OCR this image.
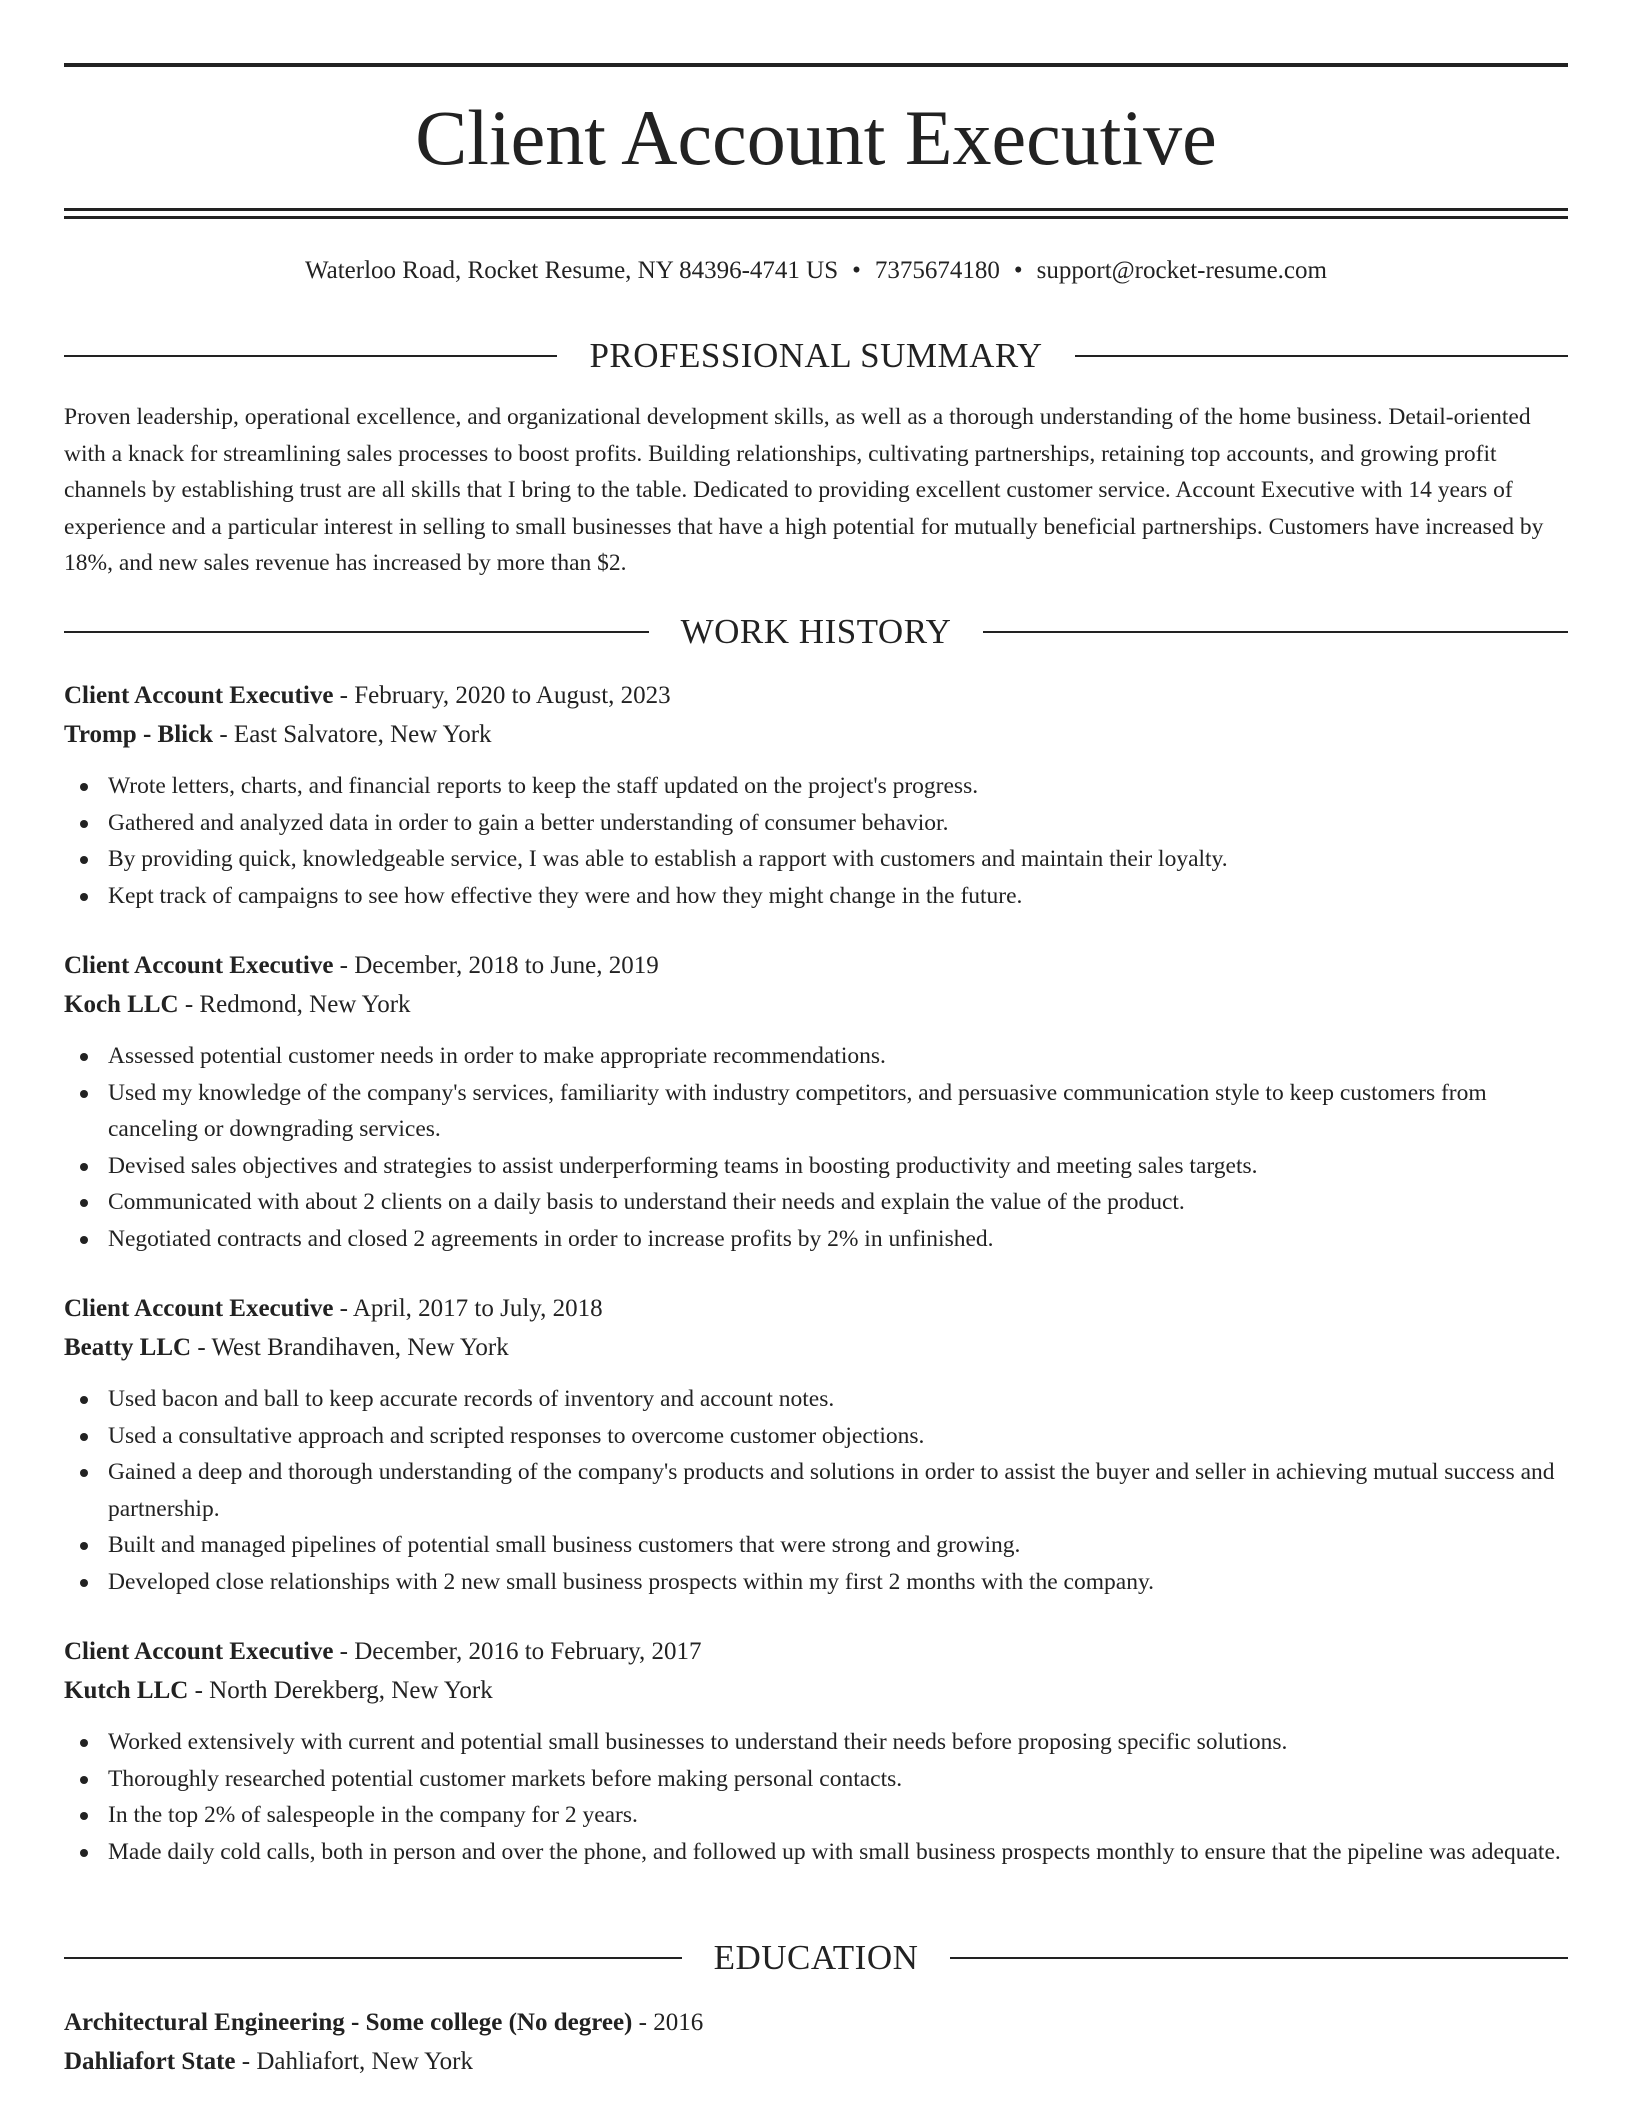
Client Account Executive
Waterloo Road, Rocket Resume, NY 84396-4741 US • 7375674180 • support@rocket-resume.com
PROFESSIONAL SUMMARY

Proven leadership, operational excellence, and organizational development skills, as well as a thorough understanding of the home business. Detail-oriented with a knack for streamlining sales processes to boost profits. Building relationships, cultivating partnerships, retaining top accounts, and growing profit channels by establishing trust are all skills that I bring to the table. Dedicated to providing excellent customer service. Account Executive with 14 years of experience and a particular interest in selling to small businesses that have a high potential for mutually beneficial partnerships. Customers have increased by 18%, and new sales revenue has increased by more than $2.

WORK HISTORY
Client Account Executive - February, 2020 to August, 2023
Tromp - Blick - East Salvatore, New York
Wrote letters, charts, and financial reports to keep the staff updated on the project's progress.
Gathered and analyzed data in order to gain a better understanding of consumer behavior.
By providing quick, knowledgeable service, I was able to establish a rapport with customers and maintain their loyalty.
Kept track of campaigns to see how effective they were and how they might change in the future.
Client Account Executive - December, 2018 to June, 2019
Koch LLC - Redmond, New York
Assessed potential customer needs in order to make appropriate recommendations.
Used my knowledge of the company's services, familiarity with industry competitors, and persuasive communication style to keep customers from canceling or downgrading services.
Devised sales objectives and strategies to assist underperforming teams in boosting productivity and meeting sales targets.
Communicated with about 2 clients on a daily basis to understand their needs and explain the value of the product.
Negotiated contracts and closed 2 agreements in order to increase profits by 2% in unfinished.
Client Account Executive - April, 2017 to July, 2018
Beatty LLC - West Brandihaven, New York
Used bacon and ball to keep accurate records of inventory and account notes.
Used a consultative approach and scripted responses to overcome customer objections.
Gained a deep and thorough understanding of the company's products and solutions in order to assist the buyer and seller in achieving mutual success and partnership.
Built and managed pipelines of potential small business customers that were strong and growing.
Developed close relationships with 2 new small business prospects within my first 2 months with the company.
Client Account Executive - December, 2016 to February, 2017
Kutch LLC - North Derekberg, New York
Worked extensively with current and potential small businesses to understand their needs before proposing specific solutions.
Thoroughly researched potential customer markets before making personal contacts.
In the top 2% of salespeople in the company for 2 years.
Made daily cold calls, both in person and over the phone, and followed up with small business prospects monthly to ensure that the pipeline was adequate.
EDUCATION
Architectural Engineering - Some college (No degree) - 2016
Dahliafort State - Dahliafort, New York
